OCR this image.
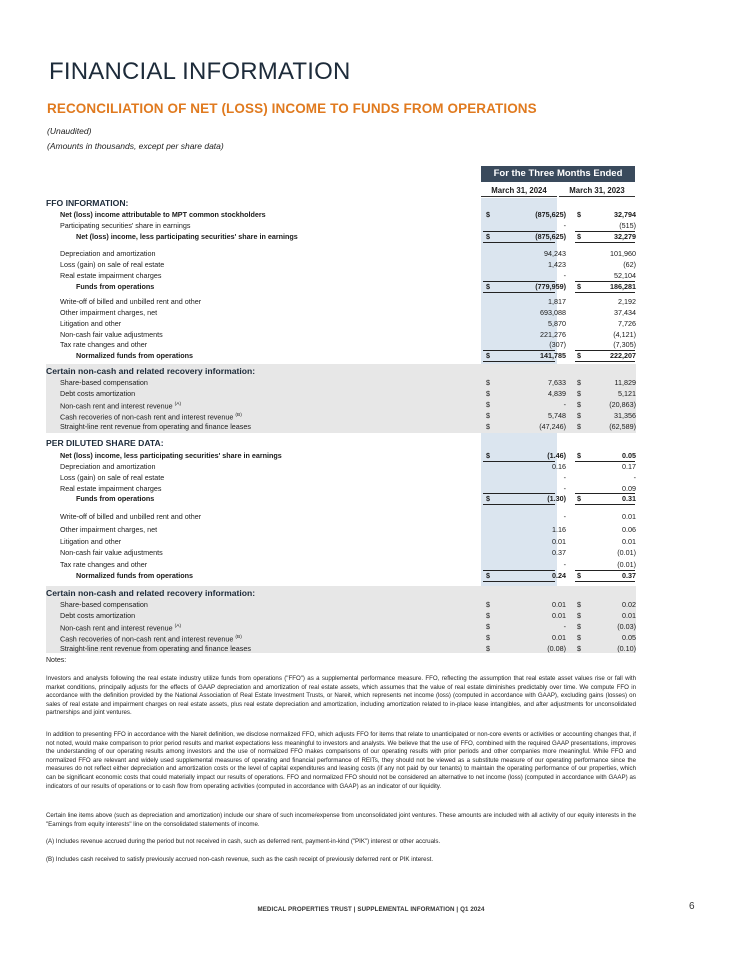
FINANCIAL INFORMATION
RECONCILIATION OF NET (LOSS) INCOME TO FUNDS FROM OPERATIONS
(Unaudited)
(Amounts in thousands, except per share data)
For the Three Months Ended
March 31, 2024	March 31, 2023
FFO INFORMATION:
Net (loss) income attributable to MPT common stockholders	$	(875,625) $	32,794
Participating securities' share in earnings	-	(515)
Net (loss) income, less participating securities' share in earnings	$	(875,625) $	32,279
Depreciation and amortization	94,243	101,960
Loss (gain) on sale of real estate	1,423	(62)
Real estate impairment charges	-	52,104
Funds from operations	$	(779,959) $	186,281
Write-off of billed and unbilled rent and other	1,817	2,192
Other impairment charges, net	693,088	37,434
Litigation and other	5,870	7,726
Non-cash fair value adjustments	221,276	(4,121)
Tax rate changes and other	(307)	(7,305)
Normalized funds from operations	$	141,785 $	222,207
Certain non-cash and related recovery information:
Share-based compensation	$	7,633 $	11,829
Debt costs amortization	$	4,839 $	5,121
Non-cash rent and interest revenue $^{(A)}$	$	- $	(20,863)
Cash recoveries of non-cash rent and interest revenue $^{(B)}$	$	5,748 $	31,356
Straight-line rent revenue from operating and finance leases	$	(47,246) $	(62,589)
PER DILUTED SHARE DATA:
Net (loss) income, less participating securities' share in earnings	$	(1.46) $	0.05
Depreciation and amortization	0.16	0.17
Loss (gain) on sale of real estate	-	-
Real estate impairment charges	-	0.09
Funds from operations	$	(1.30) $	0.31
Write-off of billed and unbilled rent and other	-	0.01
Other impairment charges, net	1.16	0.06
Litigation and other	0.01	0.01
Non-cash fair value adjustments	0.37	(0.01)
Tax rate changes and other	-	(0.01)
Normalized funds from operations	$	0.24 $	0.37
Certain non-cash and related recovery information:
Share-based compensation	$	0.01 $	0.02
Debt costs amortization	$	0.01 $	0.01
Non-cash rent and interest revenue $^{(A)}$	$	- $	(0.03)
Cash recoveries of non-cash rent and interest revenue $^{(B)}$	$	0.01 $	0.05
Straight-line rent revenue from operating and finance leases	$	(0.08) $	(0.10)
Notes:
Investors and analysts following the real estate industry utilize funds from operations ("FFO") as a supplemental performance measure. FFO, reflecting the assumption that real estate asset values rise or fall with market conditions, principally adjusts for the effects of GAAP depreciation and amortization of real estate assets, which assumes that the value of real estate diminishes predictably over time. We compute FFO in accordance with the definition provided by the National Association of Real Estate Investment Trusts, or Nareit, which represents net income (loss) (computed in accordance with GAAP), excluding gains (losses) on sales of real estate and impairment charges on real estate assets, plus real estate depreciation and amortization, including amortization related to in-place lease intangibles, and after adjustments for unconsolidated partnerships and joint ventures.
In addition to presenting FFO in accordance with the Nareit definition, we disclose normalized FFO, which adjusts FFO for items that relate to unanticipated or non-core events or activities or accounting changes that, if not noted, would make comparison to prior period results and market expectations less meaningful to investors and analysts. We believe that the use of FFO, combined with the required GAAP presentations, improves the understanding of our operating results among investors and the use of normalized FFO makes comparisons of our operating results with prior periods and other companies more meaningful. While FFO and normalized FFO are relevant and widely used supplemental measures of operating and financial performance of REITs, they should not be viewed as a substitute measure of our operating performance since the measures do not reflect either depreciation and amortization costs or the level of capital expenditures and leasing costs (if any not paid by our tenants) to maintain the operating performance of our properties, which can be significant economic costs that could materially impact our results of operations. FFO and normalized FFO should not be considered an alternative to net income (loss) (computed in accordance with GAAP) as indicators of our results of operations or to cash flow from operating activities (computed in accordance with GAAP) as an indicator of our liquidity.
Certain line items above (such as depreciation and amortization) include our share of such income/expense from unconsolidated joint ventures. These amounts are included with all activity of our equity interests in the "Earnings from equity interests" line on the consolidated statements of income.
(A) Includes revenue accrued during the period but not received in cash, such as deferred rent, payment-in-kind ("PIK") interest or other accruals.
(B) Includes cash received to satisfy previously accrued non-cash revenue, such as the cash receipt of previously deferred rent or PIK interest.
MEDICAL PROPERTIES TRUST | SUPPLEMENTAL INFORMATION | Q1 2024	6
